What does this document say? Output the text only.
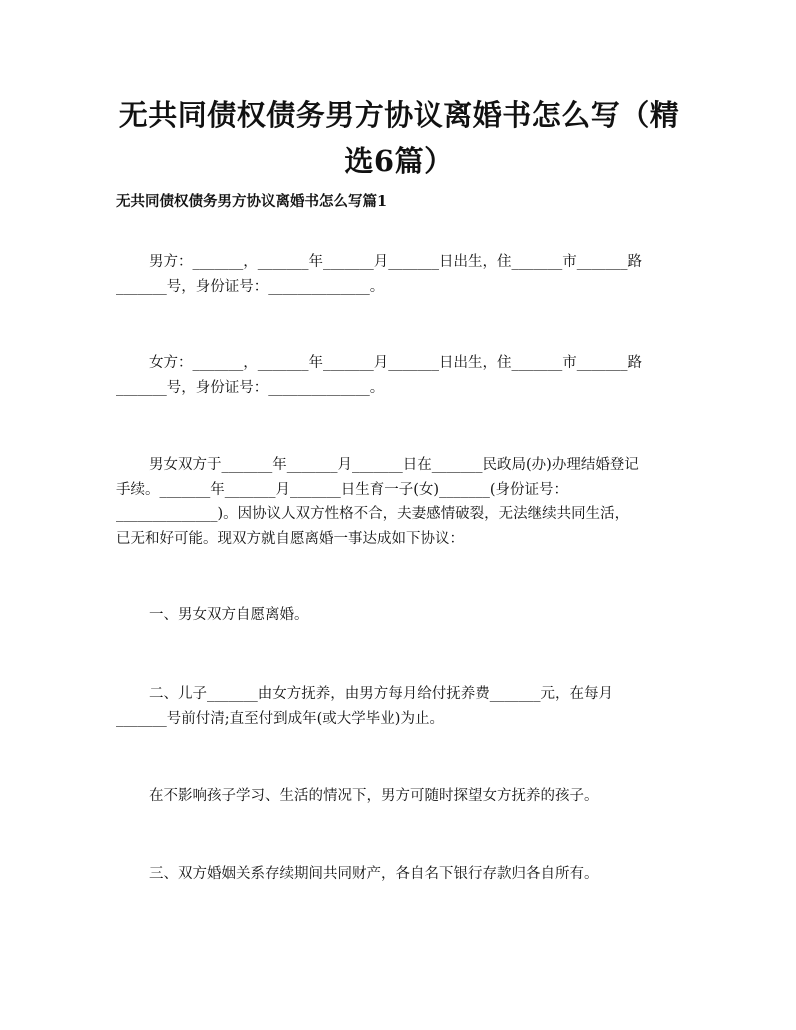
无共同债权债务男方协议离婚书怎么写（精
选6篇）
无共同债权债务男方协议离婚书怎么写篇1

男方：_______，_______年_______月_______日出生，住_______市_______路
_______号，身份证号：______________。

女方：_______，_______年_______月_______日出生，住_______市_______路
_______号，身份证号：______________。

男女双方于_______年_______月_______日在_______民政局(办)办理结婚登记
手续。_______年_______月_______日生育一子(女)_______(身份证号：
______________)。因协议人双方性格不合，夫妻感情破裂，无法继续共同生活，
已无和好可能。现双方就自愿离婚一事达成如下协议：

一、男女双方自愿离婚。

二、儿子_______由女方抚养，由男方每月给付抚养费_______元，在每月
_______号前付清;直至付到成年(或大学毕业)为止。

在不影响孩子学习、生活的情况下，男方可随时探望女方抚养的孩子。

三、双方婚姻关系存续期间共同财产，各自名下银行存款归各自所有。
